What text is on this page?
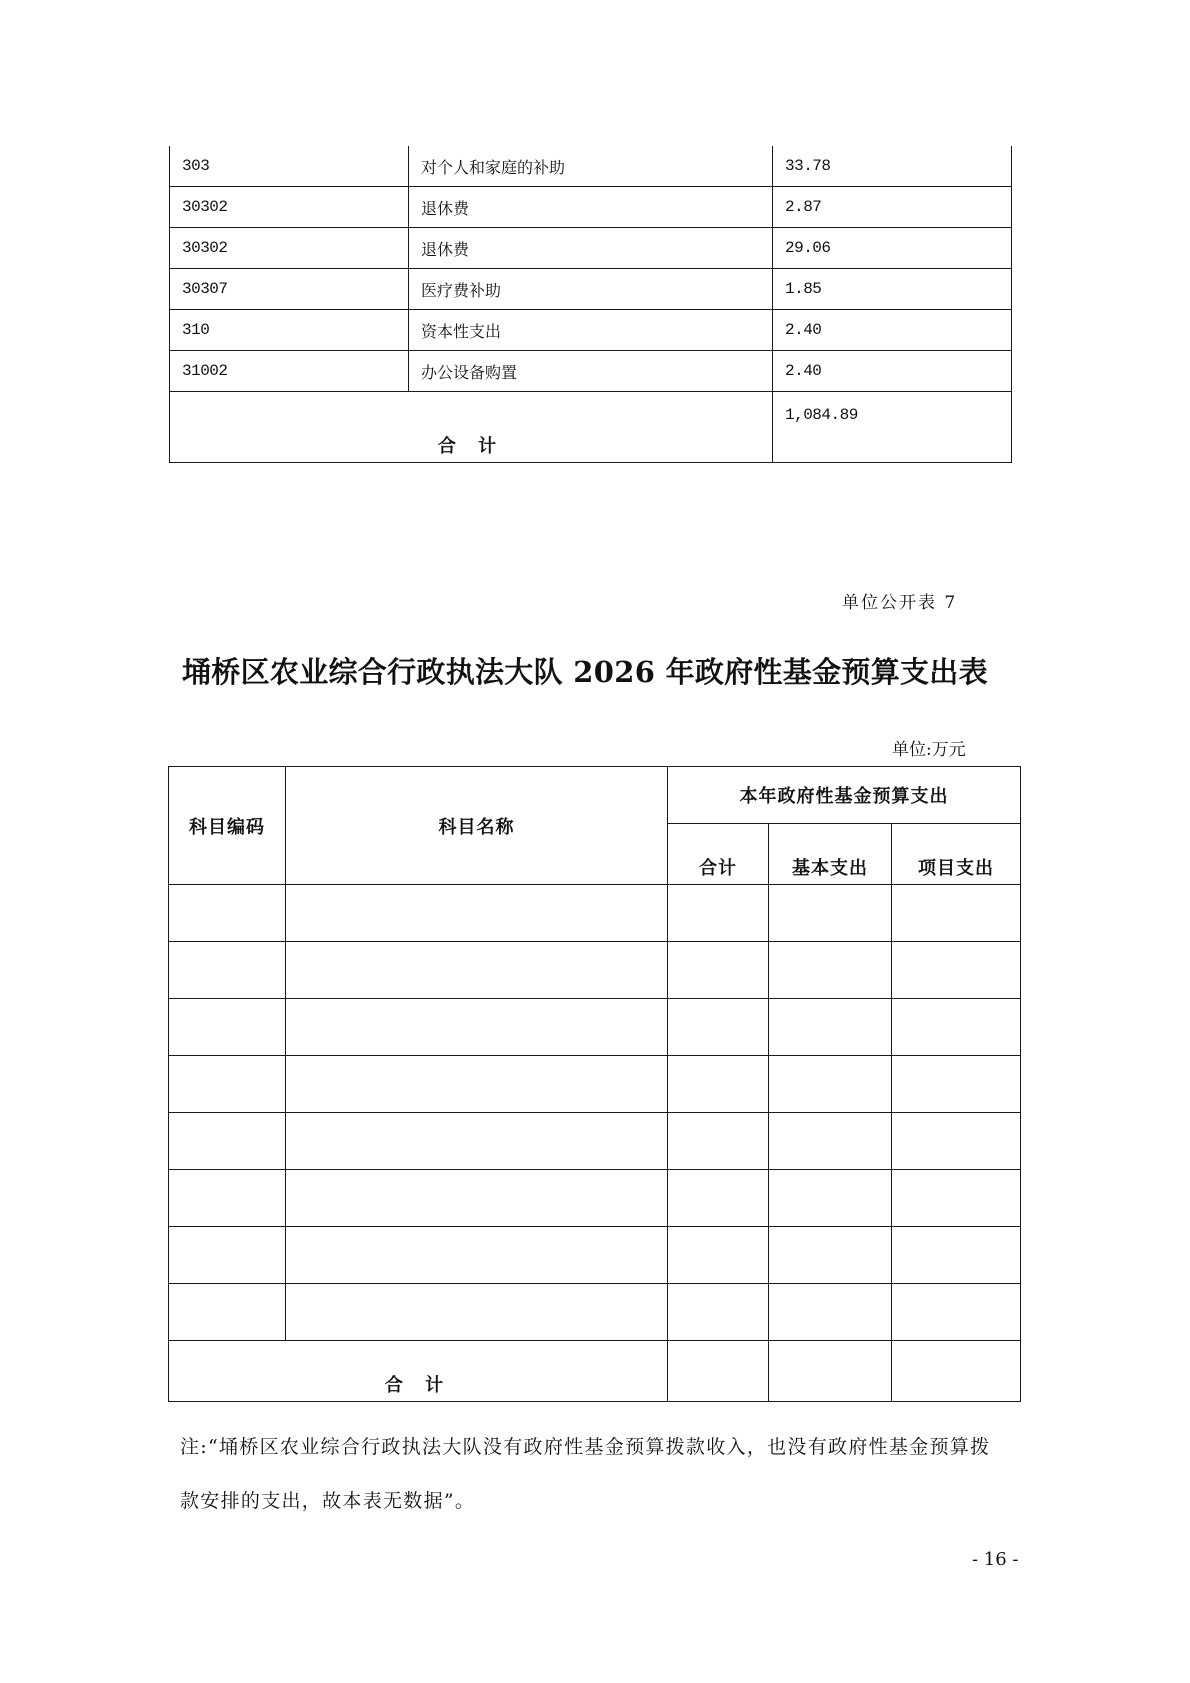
303	对个人和家庭的补助	33.78
30302	退休费	2.87
30302	退休费	29.06
30307	医疗费补助	1.85
310	资本性支出	2.40
31002	办公设备购置	2.40
合 计		1,084.89
单位公开表 7
埇桥区农业综合行政执法大队 2026 年政府性基金预算支出表
单位:万元
科目编码	科目名称	本年政府性基金预算支出		
		合计	基本支出	项目支出

合 计				
注:“埇桥区农业综合行政执法大队没有政府性基金预算拨款收入，也没有政府性基金预算拨款安排的支出，故本表无数据”。
- 16 -
